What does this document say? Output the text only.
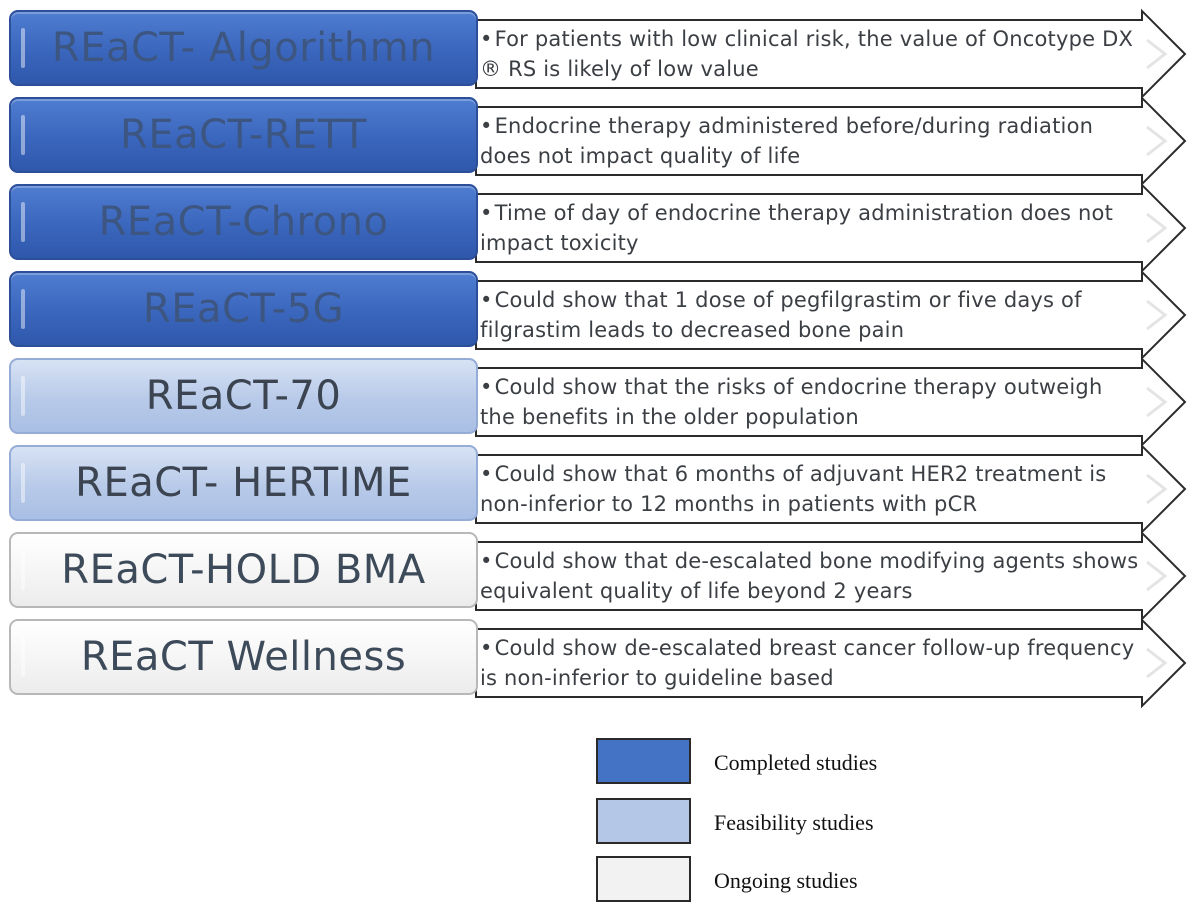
•For patients with low clinical risk, the value of Oncotype DX ® RS is likely of low value
REaCT- Algorithmn
•Endocrine therapy administered before/during radiation does not impact quality of life
REaCT-RETT
•Time of day of endocrine therapy administration does not impact toxicity
REaCT-Chrono
•Could show that 1 dose of pegfilgrastim or five days of filgrastim leads to decreased bone pain
REaCT-5G
•Could show that the risks of endocrine therapy outweigh the benefits in the older population
REaCT-70
•Could show that 6 months of adjuvant HER2 treatment is non-inferior to 12 months in patients with pCR
REaCT- HERTIME
•Could show that de-escalated bone modifying agents shows equivalent quality of life beyond 2 years
REaCT-HOLD BMA
•Could show de-escalated breast cancer follow-up frequency is non-inferior to guideline based
REaCT Wellness
Completed studies
Feasibility studies
Ongoing studies
